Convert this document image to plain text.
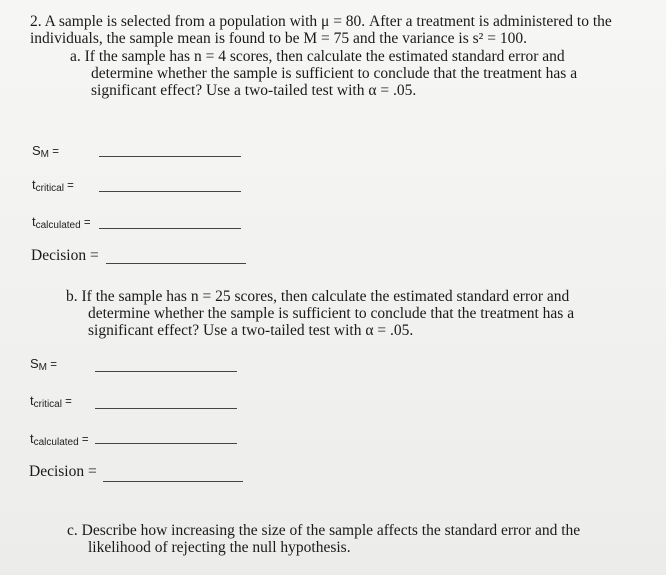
2. A sample is selected from a population with μ = 80. After a treatment is administered to the
individuals, the sample mean is found to be M = 75 and the variance is s² = 100.
a. If the sample has n = 4 scores, then calculate the estimated standard error and
determine whether the sample is sufficient to conclude that the treatment has a
significant effect? Use a two-tailed test with α = .05.
$S_M$ =
$t_{critical}$ =
$t_{calculated}$ =
Decision =
b. If the sample has n = 25 scores, then calculate the estimated standard error and
determine whether the sample is sufficient to conclude that the treatment has a
significant effect? Use a two-tailed test with α = .05.
$S_M$ =
$t_{critical}$ =
$t_{calculated}$ =
Decision =
c. Describe how increasing the size of the sample affects the standard error and the
likelihood of rejecting the null hypothesis.
